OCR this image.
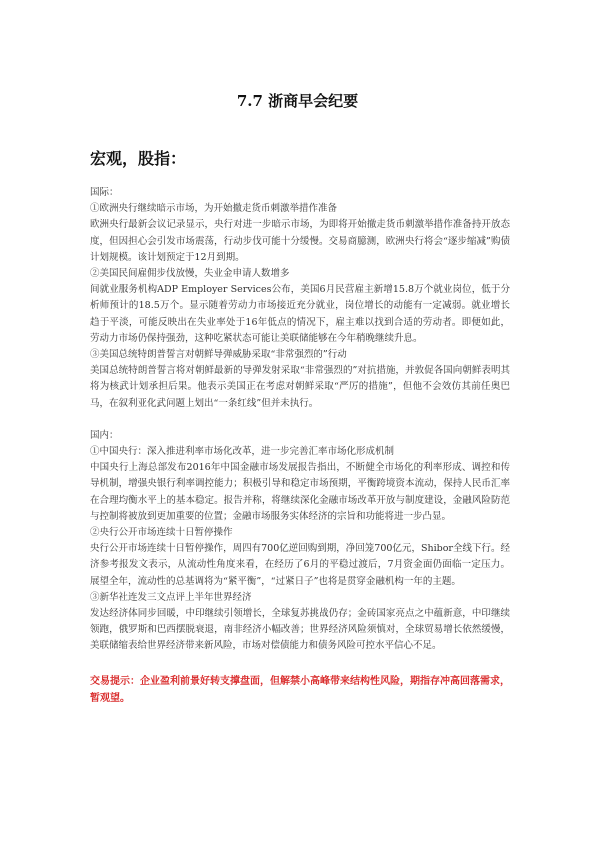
7.7 浙商早会纪要
宏观，股指：

国际：

①欧洲央行继续暗示市场，为开始撤走货币刺激举措作准备

欧洲央行最新会议记录显示，央行对进一步暗示市场，为即将开始撤走货币刺激举措作准备持开放态度，但因担心会引发市场震荡，行动步伐可能十分缓慢。交易商臆测，欧洲央行将会“逐步缩减”购债计划规模。该计划预定于12月到期。

②美国民间雇佣步伐放慢，失业金申请人数增多

间就业服务机构ADP Employer Services公布，美国6月民营雇主新增15.8万个就业岗位，低于分析师预计的18.5万个。显示随着劳动力市场接近充分就业，岗位增长的动能有一定减弱。就业增长趋于平淡，可能反映出在失业率处于16年低点的情况下，雇主难以找到合适的劳动者。即便如此，劳动力市场仍保持强劲，这种吃紧状态可能让美联储能够在今年稍晚继续升息。

③美国总统特朗普誓言对朝鲜导弹威胁采取“非常强烈的”行动

美国总统特朗普誓言将对朝鲜最新的导弹发射采取“非常强烈的”对抗措施，并敦促各国向朝鲜表明其将为核武计划承担后果。他表示美国正在考虑对朝鲜采取“严厉的措施”，但他不会效仿其前任奥巴马，在叙利亚化武问题上划出“一条红线”但并未执行。

国内：

①中国央行：深入推进利率市场化改革，进一步完善汇率市场化形成机制

中国央行上海总部发布2016年中国金融市场发展报告指出，不断健全市场化的利率形成、调控和传导机制，增强央银行利率调控能力；积极引导和稳定市场预期，平衡跨境资本流动，保持人民币汇率在合理均衡水平上的基本稳定。报告并称，将继续深化金融市场改革开放与制度建设，金融风险防范与控制将被放到更加重要的位置；金融市场服务实体经济的宗旨和功能将进一步凸显。

②央行公开市场连续十日暂停操作

央行公开市场连续十日暂停操作，周四有700亿逆回购到期，净回笼700亿元，Shibor全线下行。经济参考报发文表示，从流动性角度来看，在经历了6月的平稳过渡后，7月资金面仍面临一定压力。展望全年，流动性的总基调将为“紧平衡”，“过紧日子”也将是贯穿金融机构一年的主题。

③新华社连发三文点评上半年世界经济

发达经济体同步回暖，中印继续引领增长，全球复苏挑战仍存；金砖国家亮点之中蕴新意，中印继续领跑，俄罗斯和巴西摆脱衰退，南非经济小幅改善；世界经济风险须慎对，全球贸易增长依然缓慢，美联储缩表给世界经济带来新风险，市场对偿债能力和债务风险可控水平信心不足。

交易提示：企业盈利前景好转支撑盘面，但解禁小高峰带来结构性风险，期指存冲高回落需求，暂观望。
